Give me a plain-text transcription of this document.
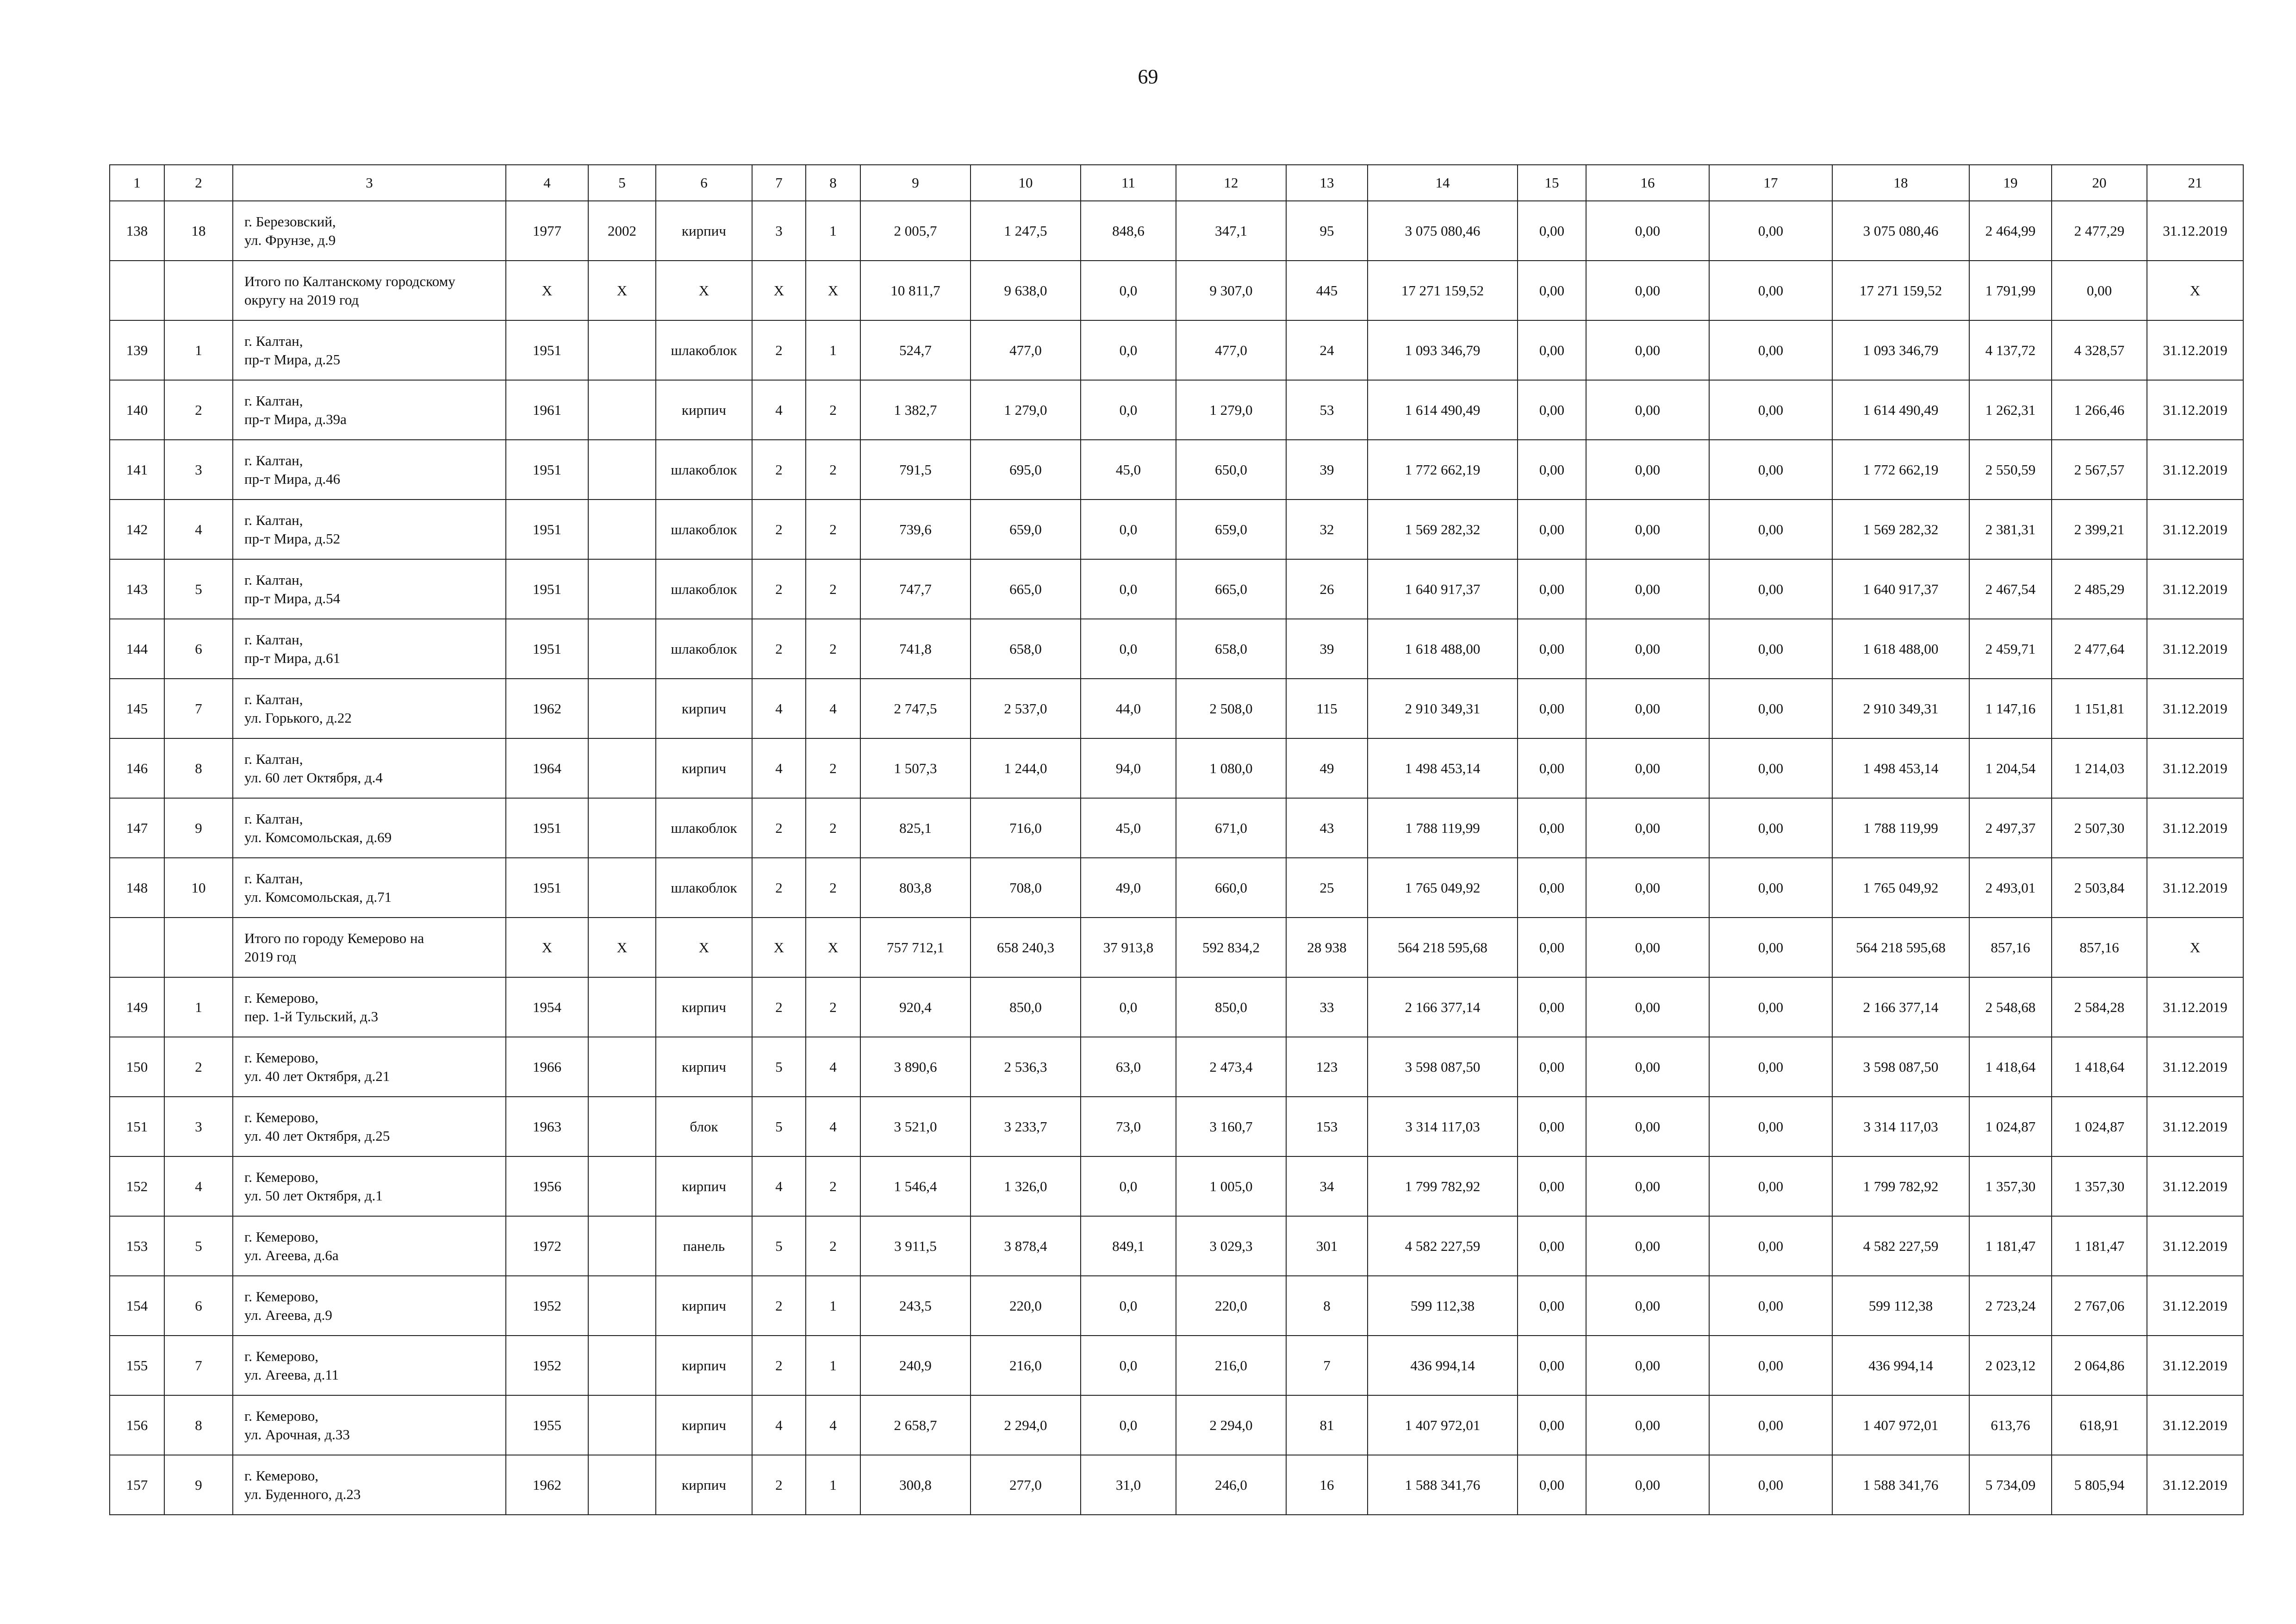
69
1	2	3	4	5	6	7	8	9	10	11	12	13	14	15	16	17	18	19	20	21
138	18	г. Березовский,
ул. Фрунзе, д.9	1977	2002	кирпич	3	1	2 005,7	1 247,5	848,6	347,1	95	3 075 080,46	0,00	0,00	0,00	3 075 080,46	2 464,99	2 477,29	31.12.2019

		Итого по Калтанскому городскому
округу на 2019 год	Х	Х	Х	Х	Х	10 811,7	9 638,0	0,0	9 307,0	445	17 271 159,52	0,00	0,00	0,00	17 271 159,52	1 791,99	0,00	Х
139	1	г. Калтан,
пр-т Мира, д.25	1951		шлакоблок	2	1	524,7	477,0	0,0	477,0	24	1 093 346,79	0,00	0,00	0,00	1 093 346,79	4 137,72	4 328,57	31.12.2019
140	2	г. Калтан,
пр-т Мира, д.39а	1961		кирпич	4	2	1 382,7	1 279,0	0,0	1 279,0	53	1 614 490,49	0,00	0,00	0,00	1 614 490,49	1 262,31	1 266,46	31.12.2019
141	3	г. Калтан,
пр-т Мира, д.46	1951		шлакоблок	2	2	791,5	695,0	45,0	650,0	39	1 772 662,19	0,00	0,00	0,00	1 772 662,19	2 550,59	2 567,57	31.12.2019
142	4	г. Калтан,
пр-т Мира, д.52	1951		шлакоблок	2	2	739,6	659,0	0,0	659,0	32	1 569 282,32	0,00	0,00	0,00	1 569 282,32	2 381,31	2 399,21	31.12.2019
143	5	г. Калтан,
пр-т Мира, д.54	1951		шлакоблок	2	2	747,7	665,0	0,0	665,0	26	1 640 917,37	0,00	0,00	0,00	1 640 917,37	2 467,54	2 485,29	31.12.2019
144	6	г. Калтан,
пр-т Мира, д.61	1951		шлакоблок	2	2	741,8	658,0	0,0	658,0	39	1 618 488,00	0,00	0,00	0,00	1 618 488,00	2 459,71	2 477,64	31.12.2019
145	7	г. Калтан,
ул. Горького, д.22	1962		кирпич	4	4	2 747,5	2 537,0	44,0	2 508,0	115	2 910 349,31	0,00	0,00	0,00	2 910 349,31	1 147,16	1 151,81	31.12.2019
146	8	г. Калтан,
ул. 60 лет Октября, д.4	1964		кирпич	4	2	1 507,3	1 244,0	94,0	1 080,0	49	1 498 453,14	0,00	0,00	0,00	1 498 453,14	1 204,54	1 214,03	31.12.2019
147	9	г. Калтан,
ул. Комсомольская, д.69	1951		шлакоблок	2	2	825,1	716,0	45,0	671,0	43	1 788 119,99	0,00	0,00	0,00	1 788 119,99	2 497,37	2 507,30	31.12.2019
148	10	г. Калтан,
ул. Комсомольская, д.71	1951		шлакоблок	2	2	803,8	708,0	49,0	660,0	25	1 765 049,92	0,00	0,00	0,00	1 765 049,92	2 493,01	2 503,84	31.12.2019

		Итого по городу Кемерово на
2019 год	Х	Х	Х	Х	Х	757 712,1	658 240,3	37 913,8	592 834,2	28 938	564 218 595,68	0,00	0,00	0,00	564 218 595,68	857,16	857,16	Х
149	1	г. Кемерово,
пер. 1-й Тульский, д.3	1954		кирпич	2	2	920,4	850,0	0,0	850,0	33	2 166 377,14	0,00	0,00	0,00	2 166 377,14	2 548,68	2 584,28	31.12.2019
150	2	г. Кемерово,
ул. 40 лет Октября, д.21	1966		кирпич	5	4	3 890,6	2 536,3	63,0	2 473,4	123	3 598 087,50	0,00	0,00	0,00	3 598 087,50	1 418,64	1 418,64	31.12.2019
151	3	г. Кемерово,
ул. 40 лет Октября, д.25	1963		блок	5	4	3 521,0	3 233,7	73,0	3 160,7	153	3 314 117,03	0,00	0,00	0,00	3 314 117,03	1 024,87	1 024,87	31.12.2019
152	4	г. Кемерово,
ул. 50 лет Октября, д.1	1956		кирпич	4	2	1 546,4	1 326,0	0,0	1 005,0	34	1 799 782,92	0,00	0,00	0,00	1 799 782,92	1 357,30	1 357,30	31.12.2019
153	5	г. Кемерово,
ул. Агеева, д.6а	1972		панель	5	2	3 911,5	3 878,4	849,1	3 029,3	301	4 582 227,59	0,00	0,00	0,00	4 582 227,59	1 181,47	1 181,47	31.12.2019
154	6	г. Кемерово,
ул. Агеева, д.9	1952		кирпич	2	1	243,5	220,0	0,0	220,0	8	599 112,38	0,00	0,00	0,00	599 112,38	2 723,24	2 767,06	31.12.2019
155	7	г. Кемерово,
ул. Агеева, д.11	1952		кирпич	2	1	240,9	216,0	0,0	216,0	7	436 994,14	0,00	0,00	0,00	436 994,14	2 023,12	2 064,86	31.12.2019
156	8	г. Кемерово,
ул. Арочная, д.33	1955		кирпич	4	4	2 658,7	2 294,0	0,0	2 294,0	81	1 407 972,01	0,00	0,00	0,00	1 407 972,01	613,76	618,91	31.12.2019
157	9	г. Кемерово,
ул. Буденного, д.23	1962		кирпич	2	1	300,8	277,0	31,0	246,0	16	1 588 341,76	0,00	0,00	0,00	1 588 341,76	5 734,09	5 805,94	31.12.2019
